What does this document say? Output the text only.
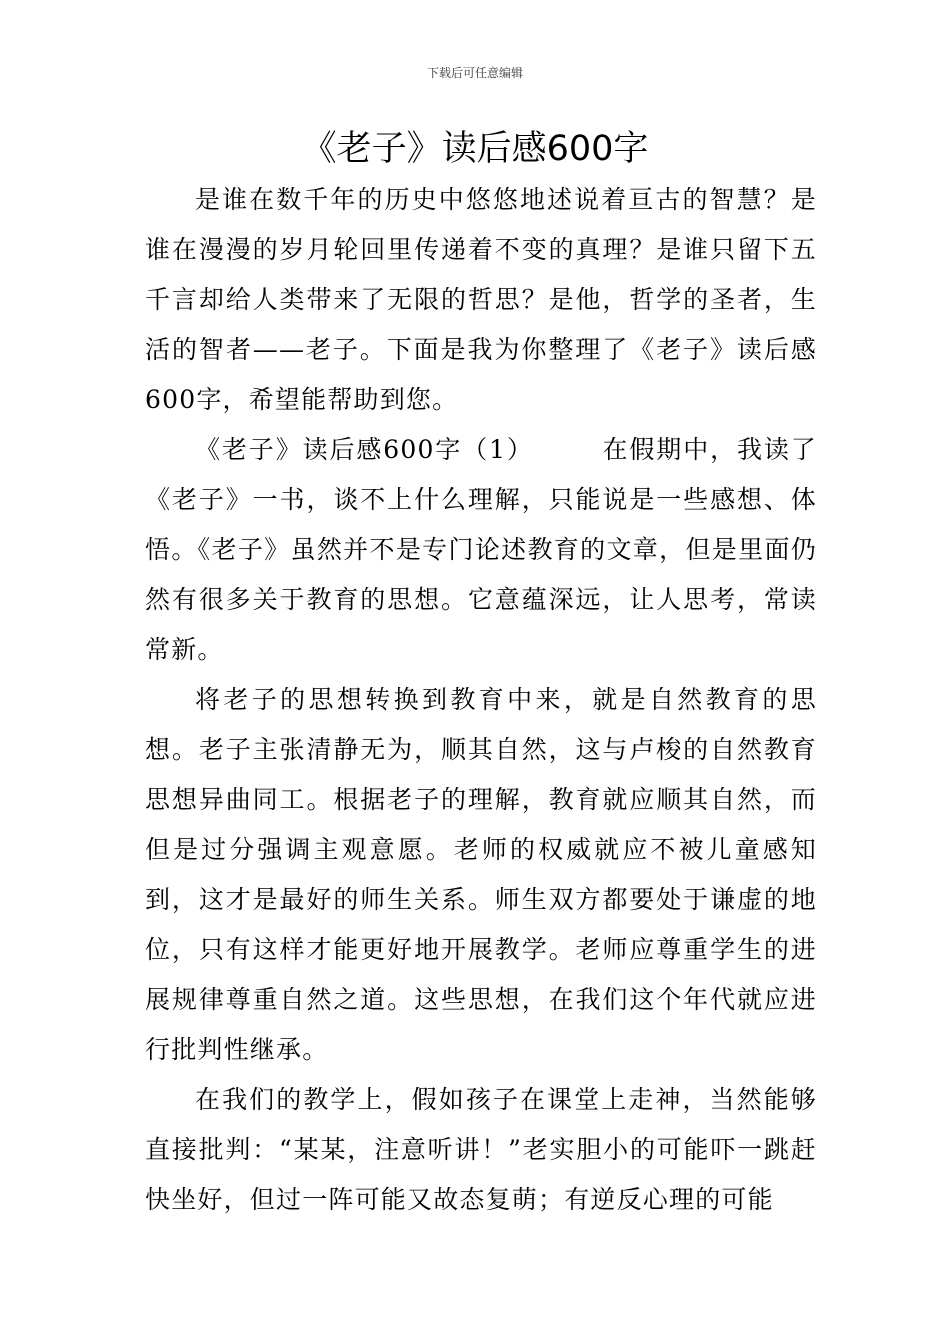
下载后可任意编辑
《老子》读后感600字

是谁在数千年的历史中悠悠地述说着亘古的智慧？是谁在漫漫的岁月轮回里传递着不变的真理？是谁只留下五千言却给人类带来了无限的哲思？是他，哲学的圣者，生活的智者——老子。下面是我为你整理了《老子》读后感600字，希望能帮助到您。

《老子》读后感600字（1）	在假期中，我读了《老子》一书，谈不上什么理解，只能说是一些感想、体悟。《老子》虽然并不是专门论述教育的文章，但是里面仍然有很多关于教育的思想。它意蕴深远，让人思考，常读常新。

将老子的思想转换到教育中来，就是自然教育的思想。老子主张清静无为，顺其自然，这与卢梭的自然教育思想异曲同工。根据老子的理解，教育就应顺其自然，而但是过分强调主观意愿。老师的权威就应不被儿童感知到，这才是最好的师生关系。师生双方都要处于谦虚的地位，只有这样才能更好地开展教学。老师应尊重学生的进展规律尊重自然之道。这些思想，在我们这个年代就应进行批判性继承。

在我们的教学上，假如孩子在课堂上走神，当然能够直接批判：“某某，注意听讲！”老实胆小的可能吓一跳赶快坐好，但过一阵可能又故态复萌；有逆反心理的可能
